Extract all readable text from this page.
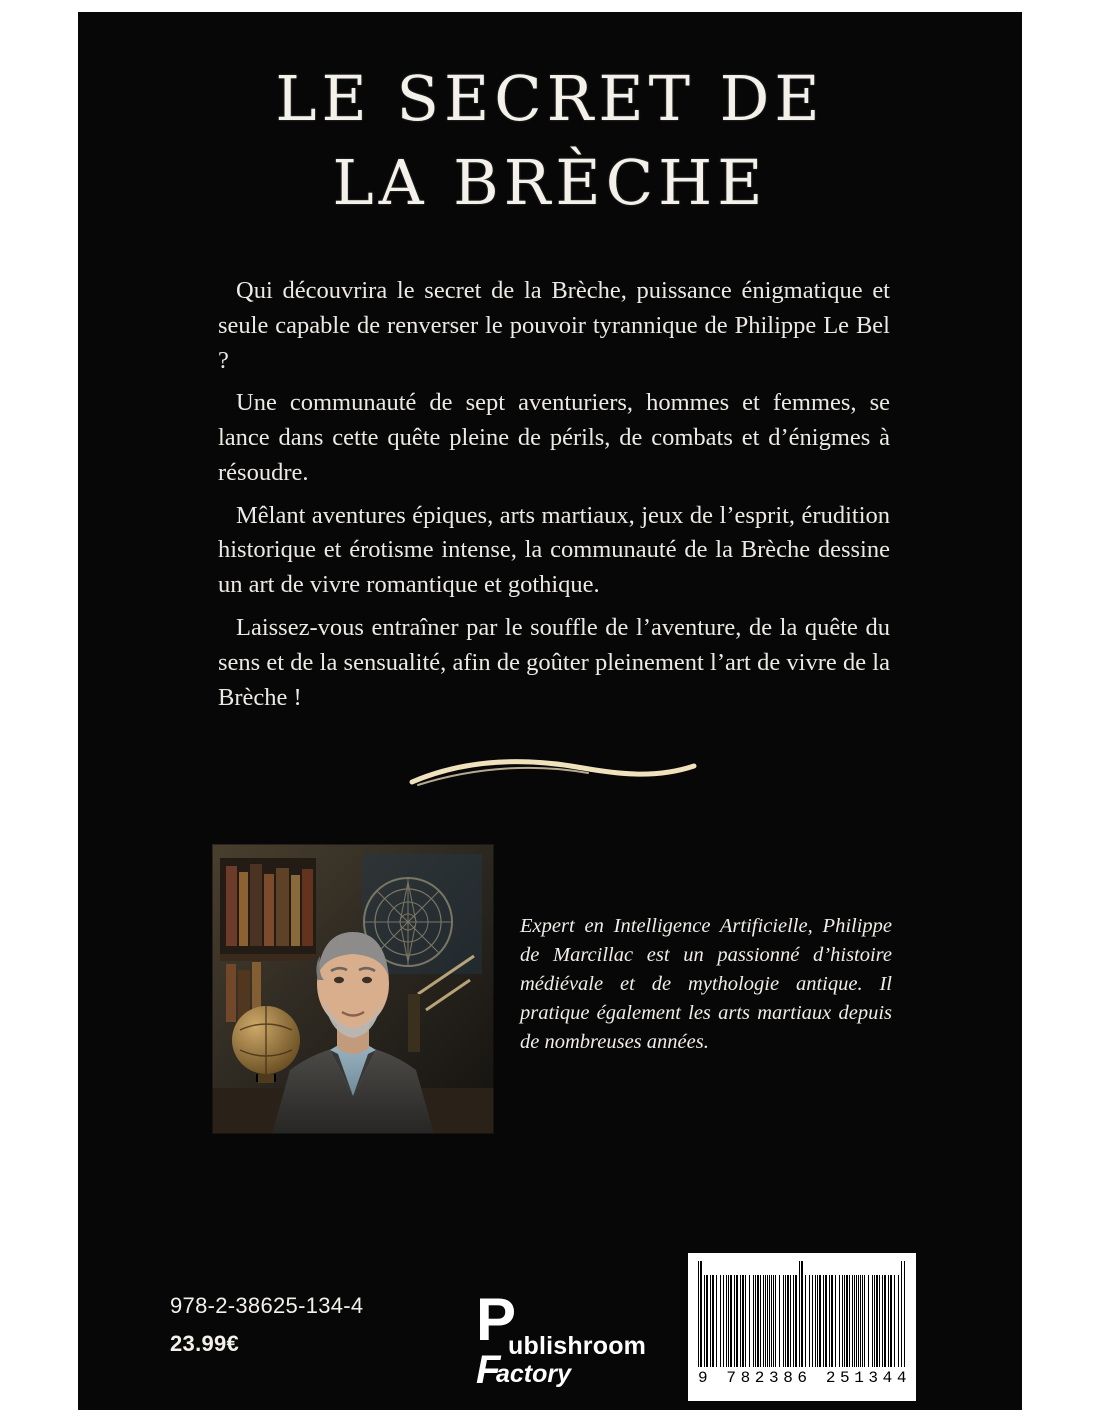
LE SECRET DE
LA BRÈCHE

Qui découvrira le secret de la Brèche, puissance énigmatique et seule capable de renverser le pouvoir tyrannique de Philippe Le Bel ?

Une communauté de sept aventuriers, hommes et femmes, se lance dans cette quête pleine de périls, de combats et d’énigmes à résoudre.

Mêlant aventures épiques, arts martiaux, jeux de l’esprit, érudition historique et érotisme intense, la communauté de la Brèche dessine un art de vivre romantique et gothique.

Laissez-vous entraîner par le souffle de l’aventure, de la quête du sens et de la sensualité, afin de goûter pleinement l’art de vivre de la Brèche !

Expert en Intelligence Artificielle, Philippe de Marcillac est un passionné d’histoire médiévale et de mythologie antique. Il pratique également les arts martiaux depuis de nombreuses années.
978-2-38625-134-4
23.99€	P
ublishroom
F
actory	9 782386 251344
